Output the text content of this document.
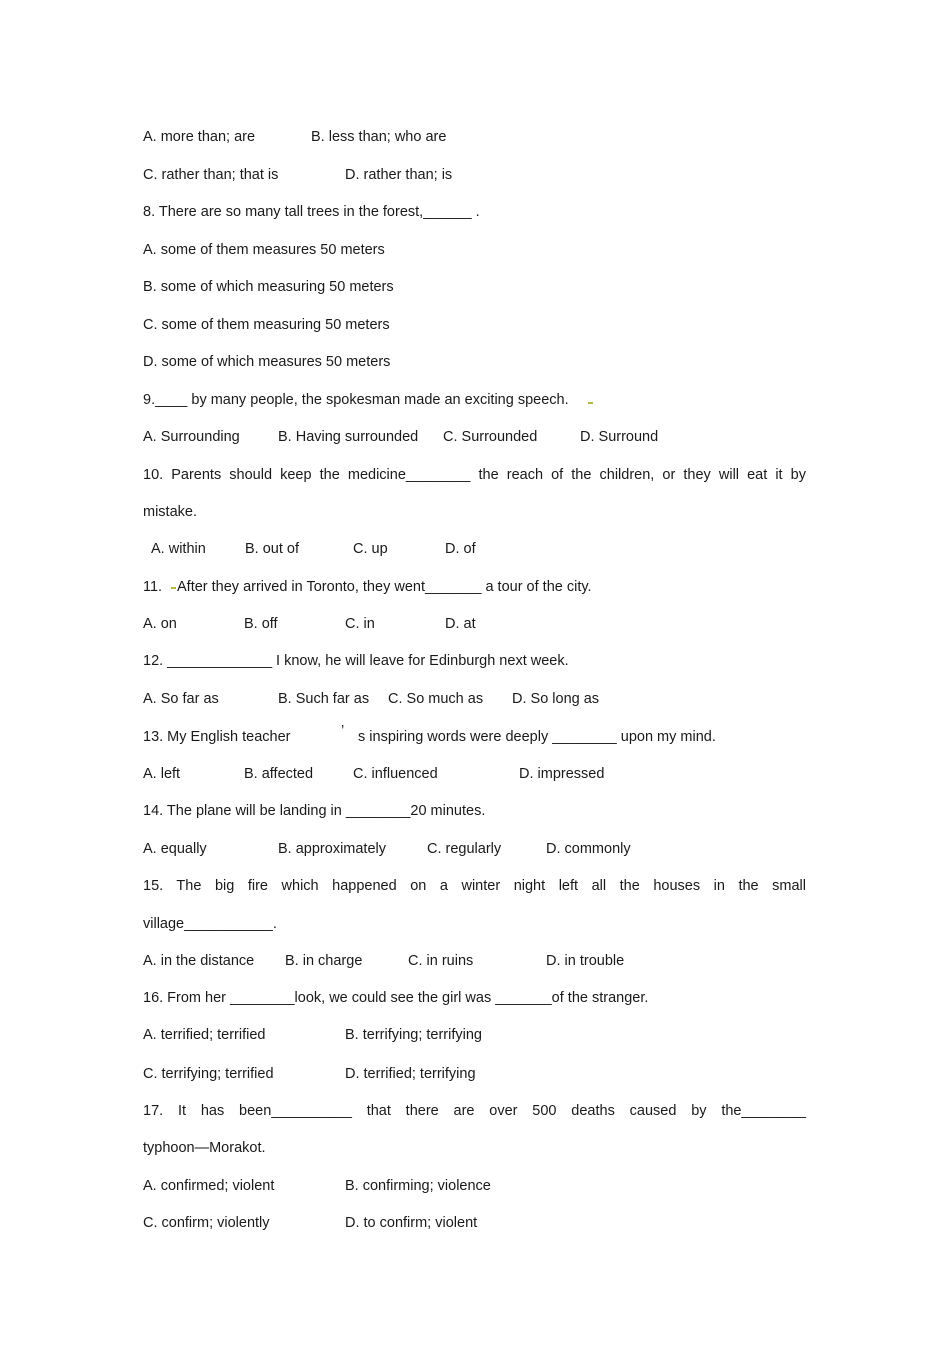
A. more than; are	B. less than; who are

C. rather than; that is	D. rather than; is

8. There are so many tall trees in the forest,______ .

A. some of them measures 50 meters

B. some of which measuring 50 meters

C. some of them measuring 50 meters

D. some of which measures 50 meters

9.____ by many people, the spokesman made an exciting speech.

A. Surrounding	B. Having surrounded C. Surrounded	D. Surround

10. Parents should keep the medicine________ the reach of the children, or they will eat it by

mistake.

A. within	B. out of	C. up	D. of

11. After they arrived in Toronto, they went_______ a tour of the city.

A. on	B. off	C. in	D. at

12. _____________ I know, he will leave for Edinburgh next week.

A. So far as	B. Such far as C. So much as D. So long as

13. My English teacher	’ s inspiring words were deeply ________ upon my mind.

A. left	B. affected	C. influenced	D. impressed

14. The plane will be landing in ________20 minutes.

A. equally	B. approximately	C. regularly	D. commonly

15. The big fire which happened on a winter night left all the houses in the small

village___________.

A. in the distance B. in charge	C. in ruins	D. in trouble

16. From her ________look, we could see the girl was _______of the stranger.

A. terrified; terrified	B. terrifying; terrifying

C. terrifying; terrified	D. terrified; terrifying

17. It has been__________ that there are over 500 deaths caused by the________

typhoon—Morakot.

A. confirmed; violent	B. confirming; violence

C. confirm; violently	D. to confirm; violent
